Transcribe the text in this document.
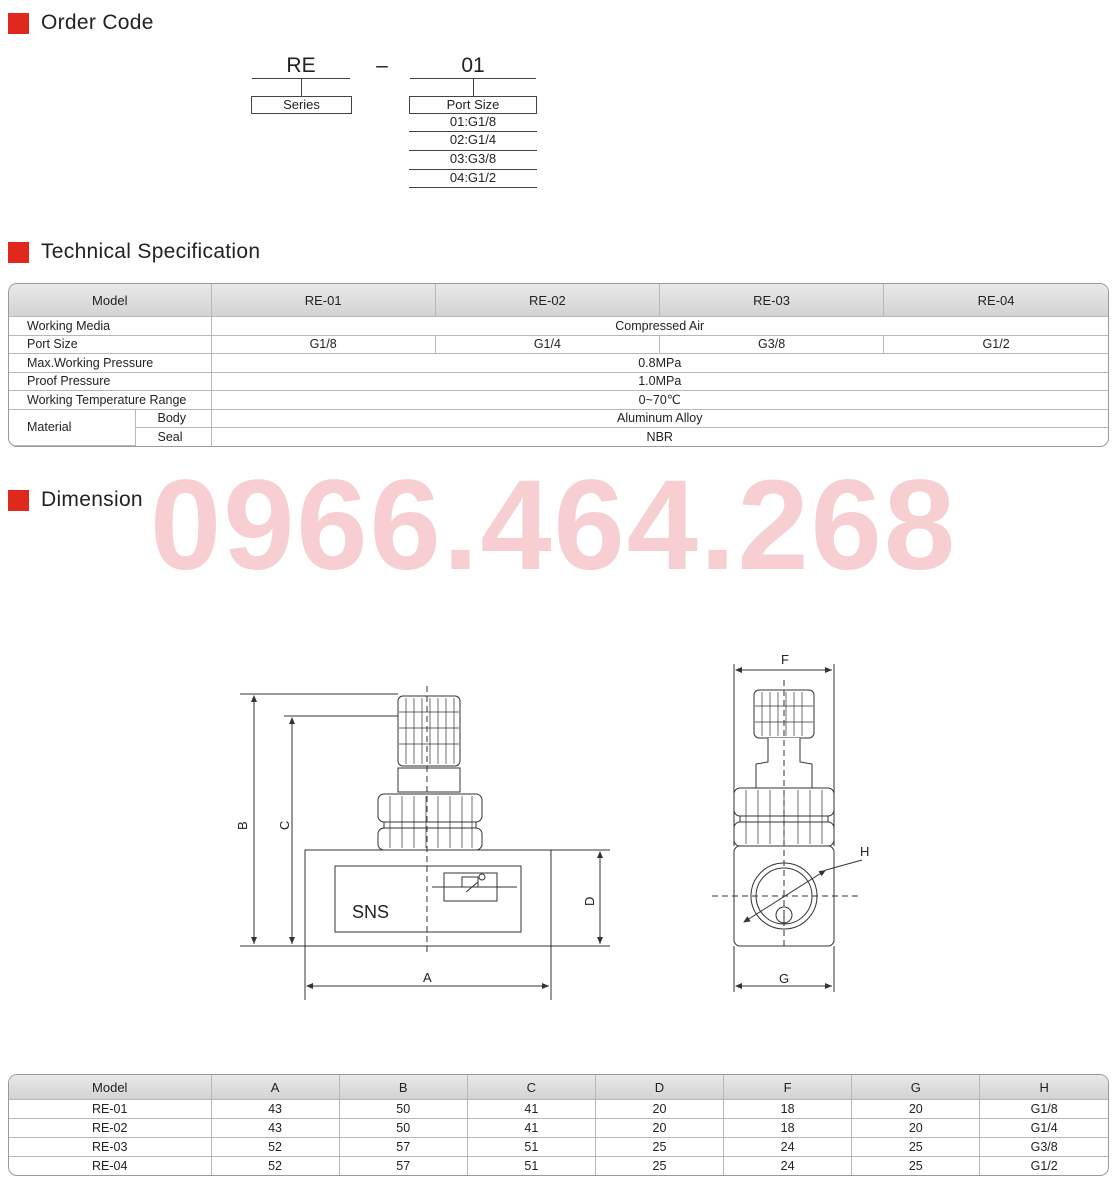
Order Code
RE
Series
–	01
Port Size
01:G1/8
02:G1/4
03:G3/8
04:G1/2
Technical Specification
Model		RE-01	RE-02	RE-03	RE-04
Working Media		Compressed Air			
Port Size		G1/8	G1/4	G3/8	G1/2
Max.Working Pressure		0.8MPa			
Proof Pressure		1.0MPa			
Working Temperature Range		0~70℃			
Material	Body	Aluminum Alloy			
	Seal	NBR			
Dimension
SNS
B C
A
D
F
G
H
0966.464.268
Model	A	B	C	D	F	G	H
RE-01	43	50	41	20	18	20	G1/8
RE-02	43	50	41	20	18	20	G1/4
RE-03	52	57	51	25	24	25	G3/8
RE-04	52	57	51	25	24	25	G1/2
